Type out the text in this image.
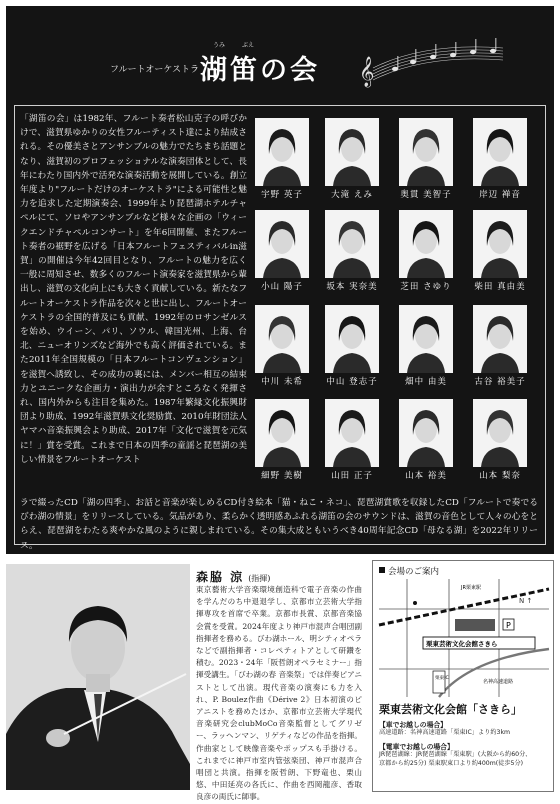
フルートオーケストラ
うみ	ぶえ
湖笛の会 𝄞

「湖笛の会」は1982年、フルート奏者松山克子の呼びかけで、滋賀県ゆかりの女性フルーティスト達により結成される。その優美さとアンサンブルの魅力でたちまち話題となり、滋賀初のプロフェッショナルな演奏団体として、長年にわたり国内外で活発な演奏活動を展開している。創立年度より"フルートだけのオーケストラ"による可能性と魅力を追求した定期演奏会、1999年より琵琶湖ホテルチャペルにて、ソロやアンサンブルなど様々な企画の「ウィークエンドチャペルコンサート」を年6回開催、またフルート奏者の裾野を広げる「日本フルートフェスティバルin滋賀」の開催は今年42回目となり、フルートの魅力を広く一般に周知させ、数多くのフルート演奏家を滋賀県から輩出し、滋賀の文化向上にも大きく貢献している。新たなフルートオーケストラ作品を次々と世に出し、フルートオーケストラの全国的普及にも貢献、1992年のロサンゼルスを始め、ウイーン、パリ、ソウル、韓国光州、上海、台北、ニューオリンズなど海外でも高く評価されている。また2011年全国規模の「日本フルートコンヴェンション」を滋賀へ誘致し、その成功の裏には、メンバー相互の結束力とユニークな企画力・演出力が余すところなく発揮され、国内外からも注目を集めた。1987年繁縁文化振興財団より助成、1992年滋賀県文化奨励賞、2010年財団法人ヤマハ音楽振興会より助成、2017年「文化で滋賀を元気に！」賞を受賞。これまで日本の四季の童謡と琵琶湖の美しい情景をフルートオーケスト

ラで綴ったCD「湖の四季」、お話と音楽が楽しめるCD付き絵本「猫・ねこ・ネコ」、琵琶湖賞歌を収録したCD「フルートで奏でるびわ湖の情景」をリリースしている。気品があり、柔らかく透明感あふれる湖笛の会のサウンドは、滋賀の音色として人々の心をとらえ、琵琶湖をわたる爽やかな風のように親しまれている。その集大成ともいうべき40周年記念CD「母なる湖」を2022年リリース。

宇野 英子	大滝 えみ	奥貫 美智子	岸辺 禅音
小山 陽子	坂本 実奈美	芝田 さゆり	柴田 真由美
中川 未希	中山 登志子	畑中 由美	古谷 裕美子
細野 美樹	山田 正子	山本 裕美	山本 梨奈
森脇 涼 (指揮)

東京藝術大学音楽環境創造科で電子音楽の作曲を学んだのち中退退学し、京都市立芸術大学指揮専攻を首席で卒業。京都市長賞、京都音楽協会賞を受賞。2024年度より神戸市混声合唱団副指揮者を務める。びわ湖ホール、明シティオペラなどで副指揮者・コレペティトアとして研鑽を積む。2023・24年「阪哲朗オペラセミナー」指揮受講生。「びわ湖の春 音楽祭」では伴奏ピアニストとして出演。現代音楽の演奏にも力を入れ、P. Boulez作曲《Dérive 2》日本初演のピアニストを務めたほか、京都市立芸術大学現代音楽研究会clubMoCo音楽監督としてグリゼー、ラッヘンマン、リゲティなどの作品を指揮。作曲家として映像音楽やポップスも手掛ける。これまでに神戸市室内管弦楽団、神戸市混声合唱団と共演。指揮を阪哲朗、下野竜也、栗山悠、中田延亮の各氏に、作曲を西岡龍彦、香取良彦の両氏に師事。

会場のご案内
P
栗東芸術文化会館さきら
JR栗東駅
名神高速道路
栗東IC
N ↑
栗東芸術文化会館「さきら」
【車でお越しの場合】
高速道路：名神高速道路「栗東IC」より約3km
【電車でお越しの場合】
JR琵琶湖線：JR琵琶湖線「栗東駅」(大阪から約60分、
京都から約25分) 栗東駅東口より約400m(徒歩5分)
